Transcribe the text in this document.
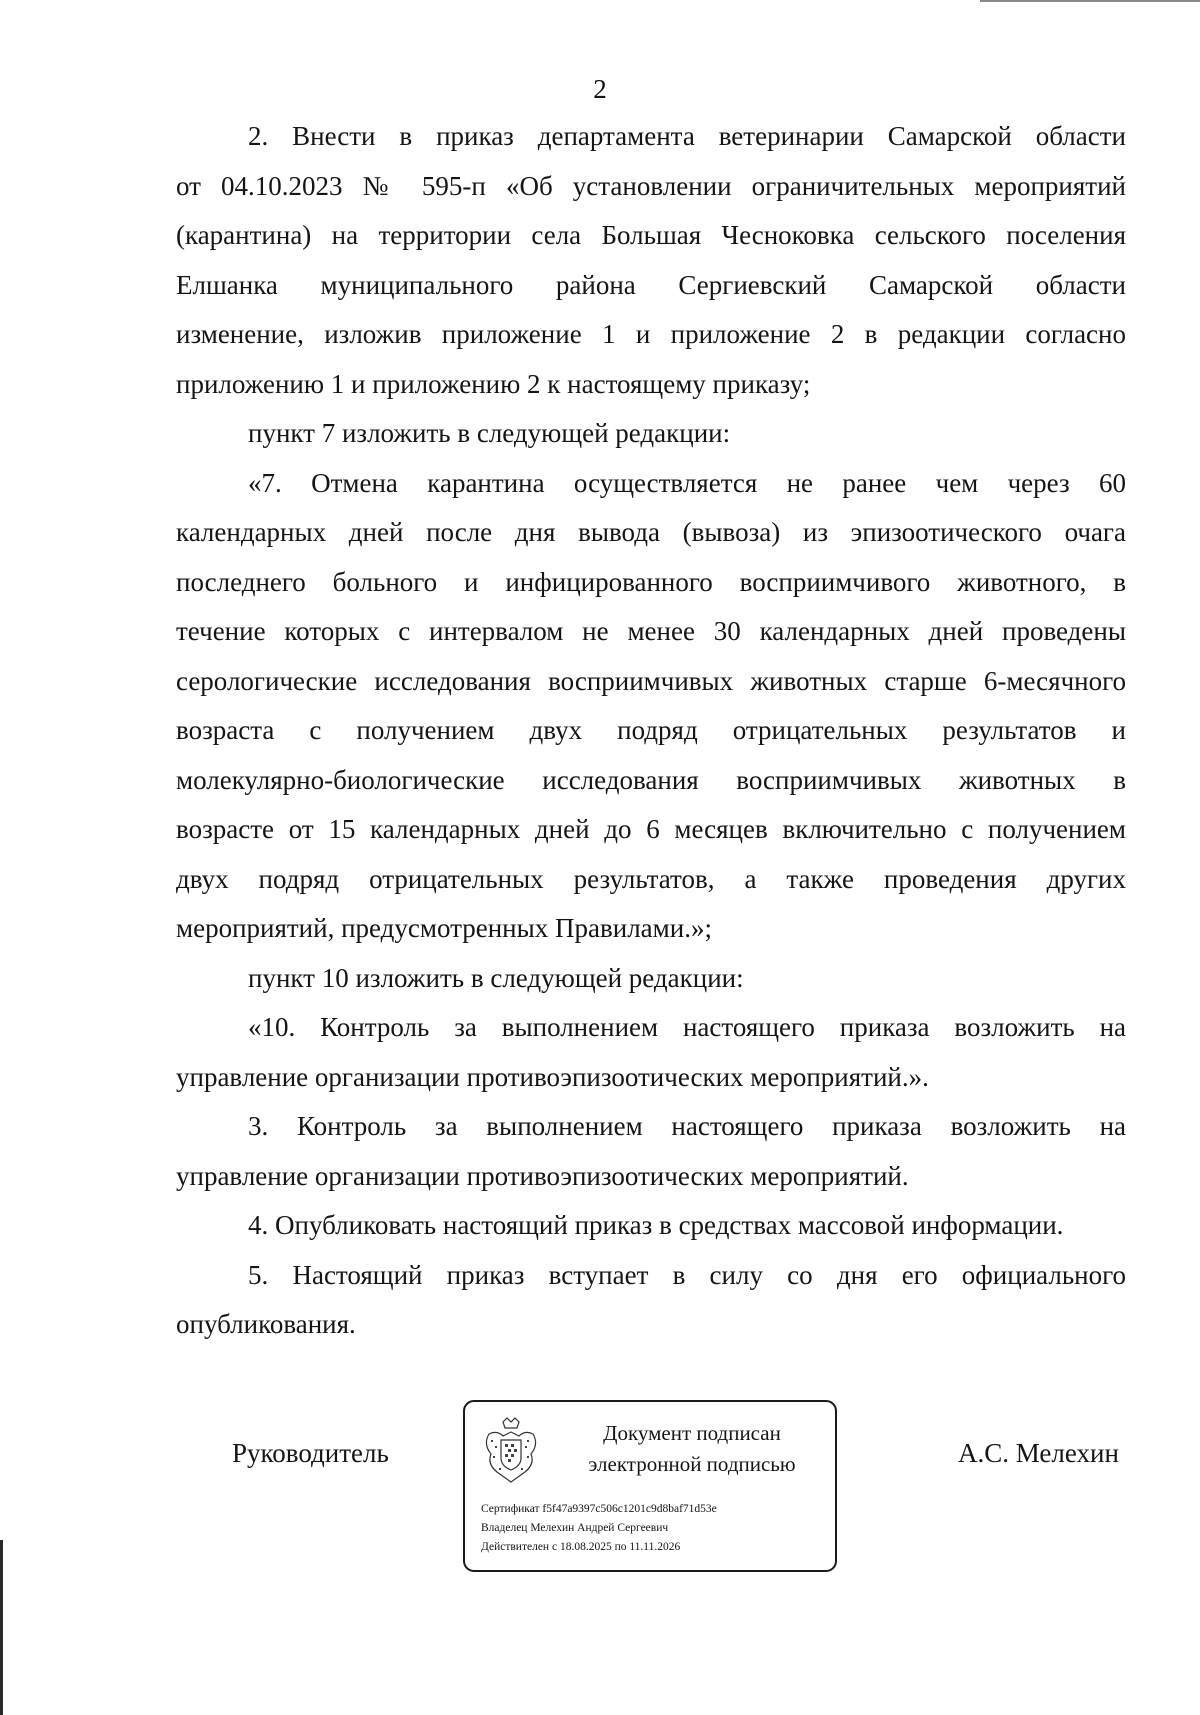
2

2. Внести в приказ департамента ветеринарии Самарской области

от 04.10.2023 № 595-п «Об установлении ограничительных мероприятий

(карантина) на территории села Большая Чесноковка сельского поселения

Елшанка муниципального района Сергиевский Самарской области

изменение, изложив приложение 1 и приложение 2 в редакции согласно

приложению 1 и приложению 2 к настоящему приказу;

пункт 7 изложить в следующей редакции:

«7. Отмена карантина осуществляется не ранее чем через 60

календарных дней после дня вывода (вывоза) из эпизоотического очага

последнего больного и инфицированного восприимчивого животного, в

течение которых с интервалом не менее 30 календарных дней проведены

серологические исследования восприимчивых животных старше 6-месячного

возраста с получением двух подряд отрицательных результатов и

молекулярно-биологические исследования восприимчивых животных в

возрасте от 15 календарных дней до 6 месяцев включительно с получением

двух подряд отрицательных результатов, а также проведения других

мероприятий, предусмотренных Правилами.»;

пункт 10 изложить в следующей редакции:

«10. Контроль за выполнением настоящего приказа возложить на

управление организации противоэпизоотических мероприятий.».

3. Контроль за выполнением настоящего приказа возложить на

управление организации противоэпизоотических мероприятий.

4. Опубликовать настоящий приказ в средствах массовой информации.

5. Настоящий приказ вступает в силу со дня его официального

опубликования.

Руководитель
Документ подписан
электронной подписью
Сертификат f5f47a9397c506c1201c9d8baf71d53e
Владелец Мелехин Андрей Сергеевич
Действителен с 18.08.2025 по 11.11.2026
А.С. Мелехин
